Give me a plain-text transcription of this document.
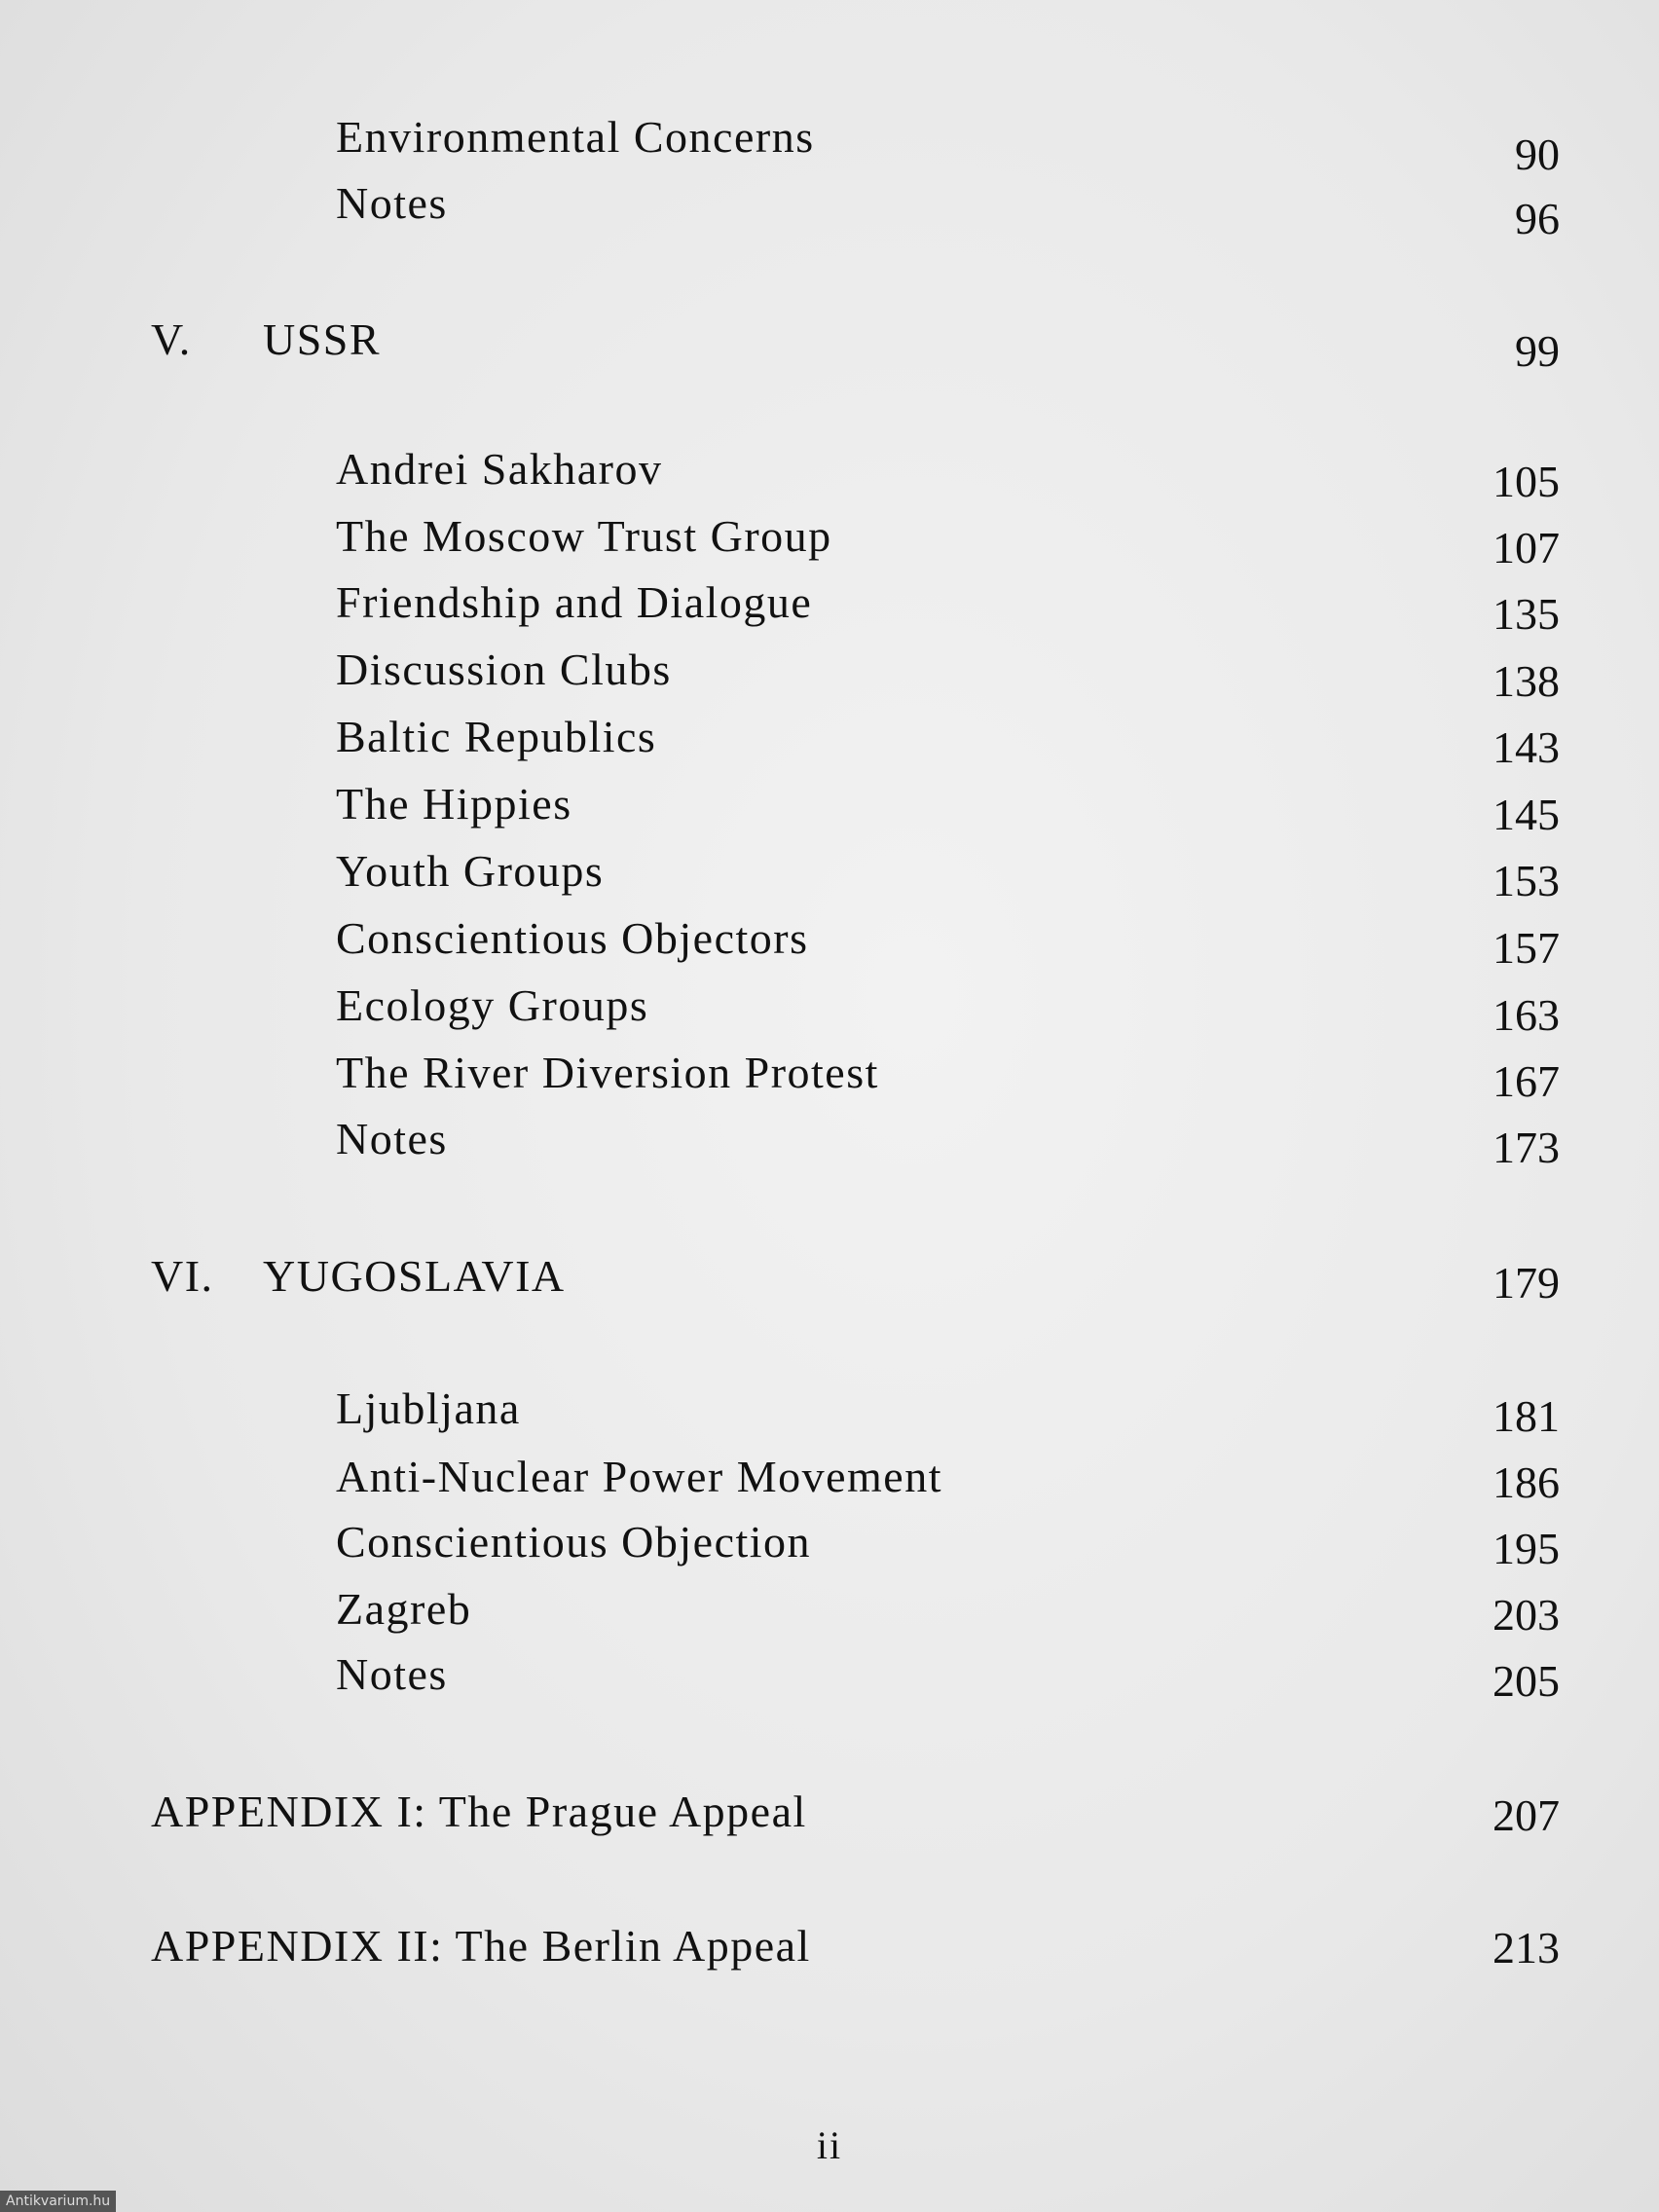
Environmental Concerns	90
Notes	96
V. USSR	99
Andrei Sakharov	105
The Moscow Trust Group	107
Friendship and Dialogue	135
Discussion Clubs	138
Baltic Republics	143
The Hippies	145
Youth Groups	153
Conscientious Objectors	157
Ecology Groups	163
The River Diversion Protest	167
Notes	173
VI. YUGOSLAVIA	179
Ljubljana	181
Anti-Nuclear Power Movement	186
Conscientious Objection	195
Zagreb	203
Notes	205
APPENDIX I: The Prague Appeal	207
APPENDIX II: The Berlin Appeal	213
ii
Antikvarium.hu
